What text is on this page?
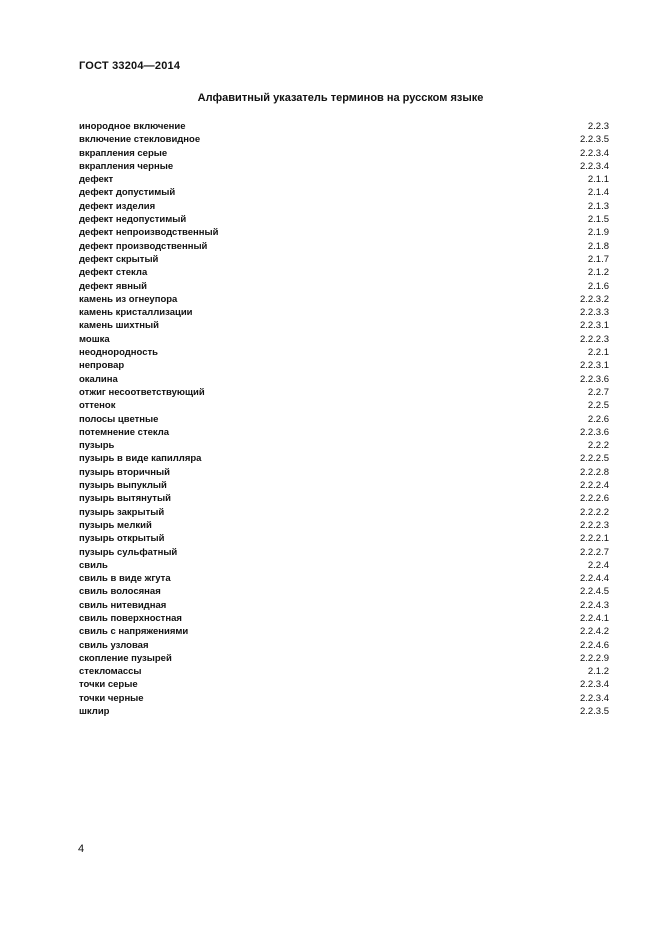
ГОСТ 33204—2014
Алфавитный указатель терминов на русском языке
инородное включение	2.2.3
включение стекловидное	2.2.3.5
вкрапления серые	2.2.3.4
вкрапления черные	2.2.3.4
дефект	2.1.1
дефект допустимый	2.1.4
дефект изделия	2.1.3
дефект недопустимый	2.1.5
дефект непроизводственный	2.1.9
дефект производственный	2.1.8
дефект скрытый	2.1.7
дефект стекла	2.1.2
дефект явный	2.1.6
камень из огнеупора	2.2.3.2
камень кристаллизации	2.2.3.3
камень шихтный	2.2.3.1
мошка	2.2.2.3
неоднородность	2.2.1
непровар	2.2.3.1
окалина	2.2.3.6
отжиг несоответствующий	2.2.7
оттенок	2.2.5
полосы цветные	2.2.6
потемнение стекла	2.2.3.6
пузырь	2.2.2
пузырь в виде капилляра	2.2.2.5
пузырь вторичный	2.2.2.8
пузырь выпуклый	2.2.2.4
пузырь вытянутый	2.2.2.6
пузырь закрытый	2.2.2.2
пузырь мелкий	2.2.2.3
пузырь открытый	2.2.2.1
пузырь сульфатный	2.2.2.7
свиль	2.2.4
свиль в виде жгута	2.2.4.4
свиль волосяная	2.2.4.5
свиль нитевидная	2.2.4.3
свиль поверхностная	2.2.4.1
свиль с напряжениями	2.2.4.2
свиль узловая	2.2.4.6
скопление пузырей	2.2.2.9
стекломассы	2.1.2
точки серые	2.2.3.4
точки черные	2.2.3.4
шклир	2.2.3.5
4
